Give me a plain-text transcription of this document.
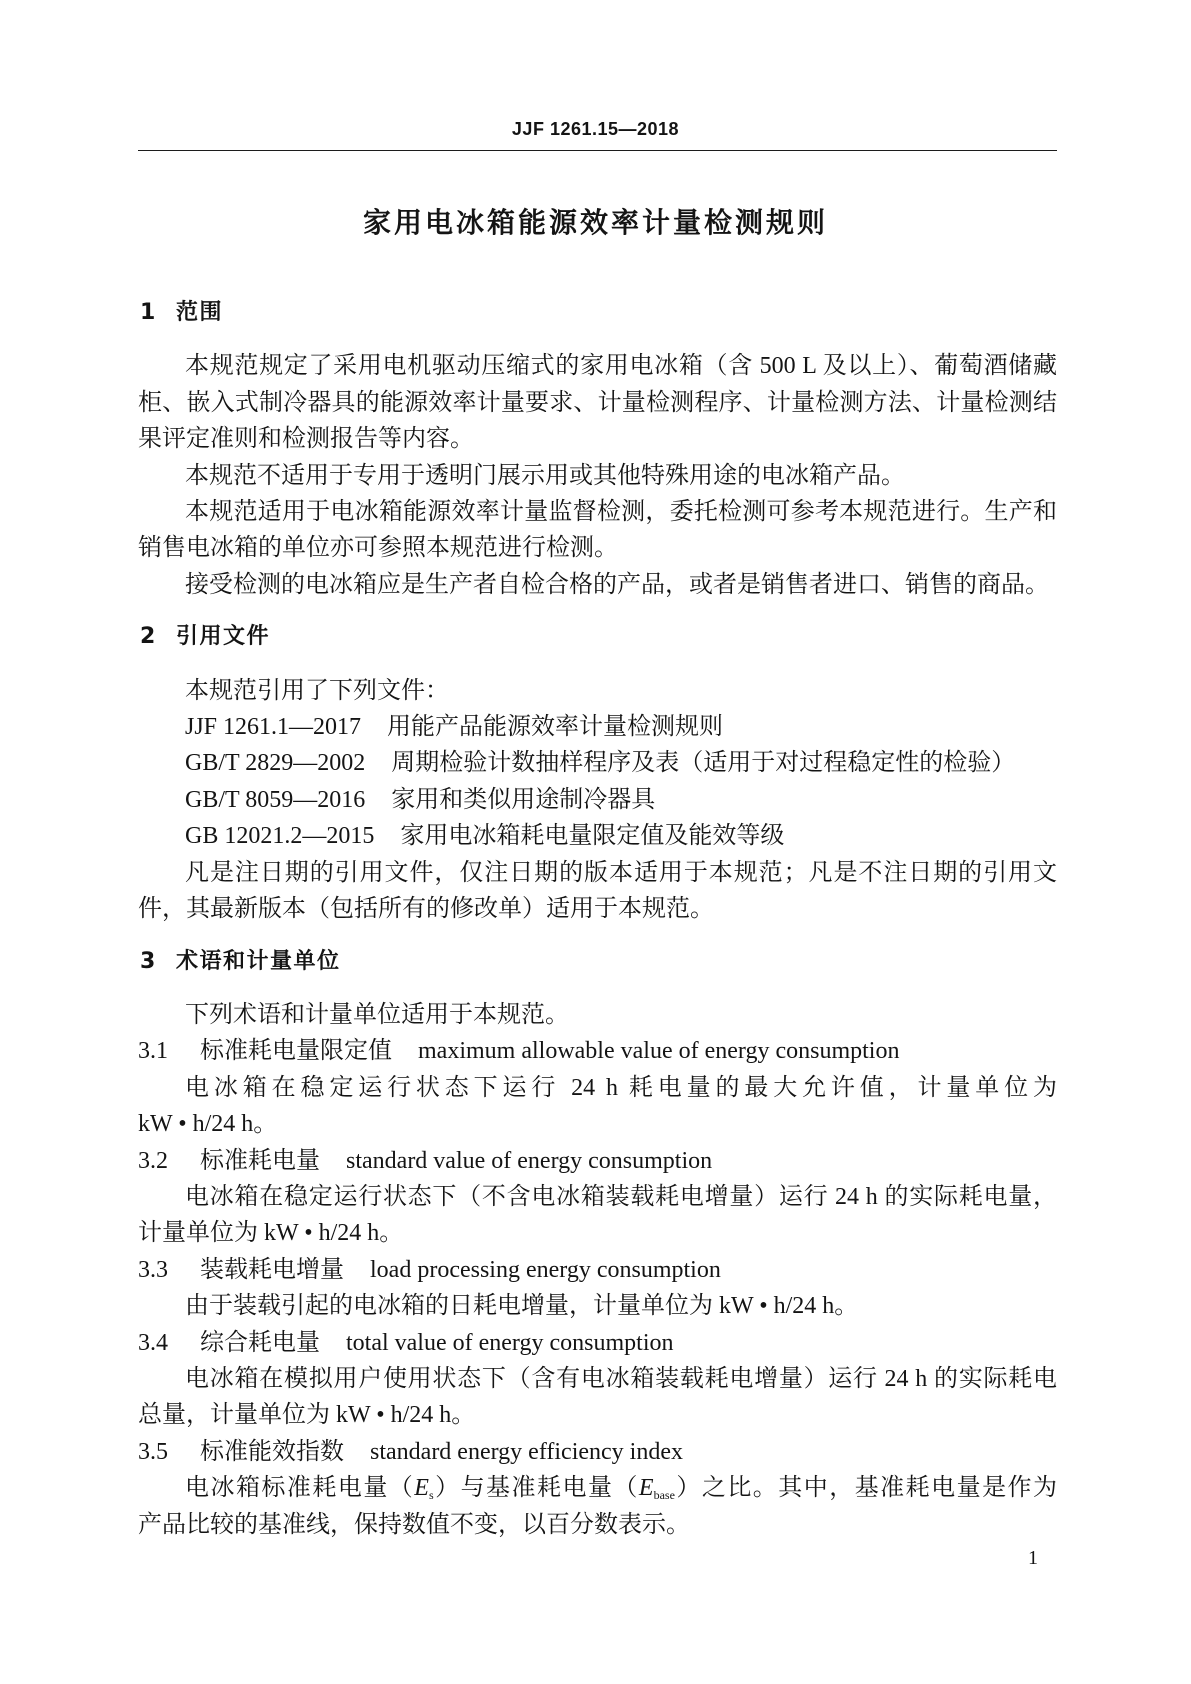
JJF 1261.15—2018
家用电冰箱能源效率计量检测规则
1 范围
本规范规定了采用电机驱动压缩式的家用电冰箱（含 500 L 及以上）、葡萄酒储藏
柜、嵌入式制冷器具的能源效率计量要求、计量检测程序、计量检测方法、计量检测结
果评定准则和检测报告等内容。
本规范不适用于专用于透明门展示用或其他特殊用途的电冰箱产品。
本规范适用于电冰箱能源效率计量监督检测，委托检测可参考本规范进行。生产和
销售电冰箱的单位亦可参照本规范进行检测。
接受检测的电冰箱应是生产者自检合格的产品，或者是销售者进口、销售的商品。
2 引用文件
本规范引用了下列文件：
JJF 1261.1—2017 用能产品能源效率计量检测规则
GB/T 2829—2002 周期检验计数抽样程序及表（适用于对过程稳定性的检验）
GB/T 8059—2016 家用和类似用途制冷器具
GB 12021.2—2015 家用电冰箱耗电量限定值及能效等级
凡是注日期的引用文件，仅注日期的版本适用于本规范；凡是不注日期的引用文
件，其最新版本（包括所有的修改单）适用于本规范。
3 术语和计量单位
下列术语和计量单位适用于本规范。
3.1 标准耗电量限定值 maximum allowable value of energy consumption
电冰箱在稳定运行状态下运行 24 h 耗电量的最大允许值，计量单位为
kW • h/24 h。
3.2 标准耗电量 standard value of energy consumption
电冰箱在稳定运行状态下（不含电冰箱装载耗电增量）运行 24 h 的实际耗电量，
计量单位为 kW • h/24 h。
3.3 装载耗电增量 load processing energy consumption
由于装载引起的电冰箱的日耗电增量，计量单位为 kW • h/24 h。
3.4 综合耗电量 total value of energy consumption
电冰箱在模拟用户使用状态下（含有电冰箱装载耗电增量）运行 24 h 的实际耗电
总量，计量单位为 kW • h/24 h。
3.5 标准能效指数 standard energy efficiency index
电冰箱标准耗电量$(E_s)$与基准耗电量$(E_{base})$之比。其中，基准耗电量是作为
产品比较的基准线，保持数值不变，以百分数表示。
1
